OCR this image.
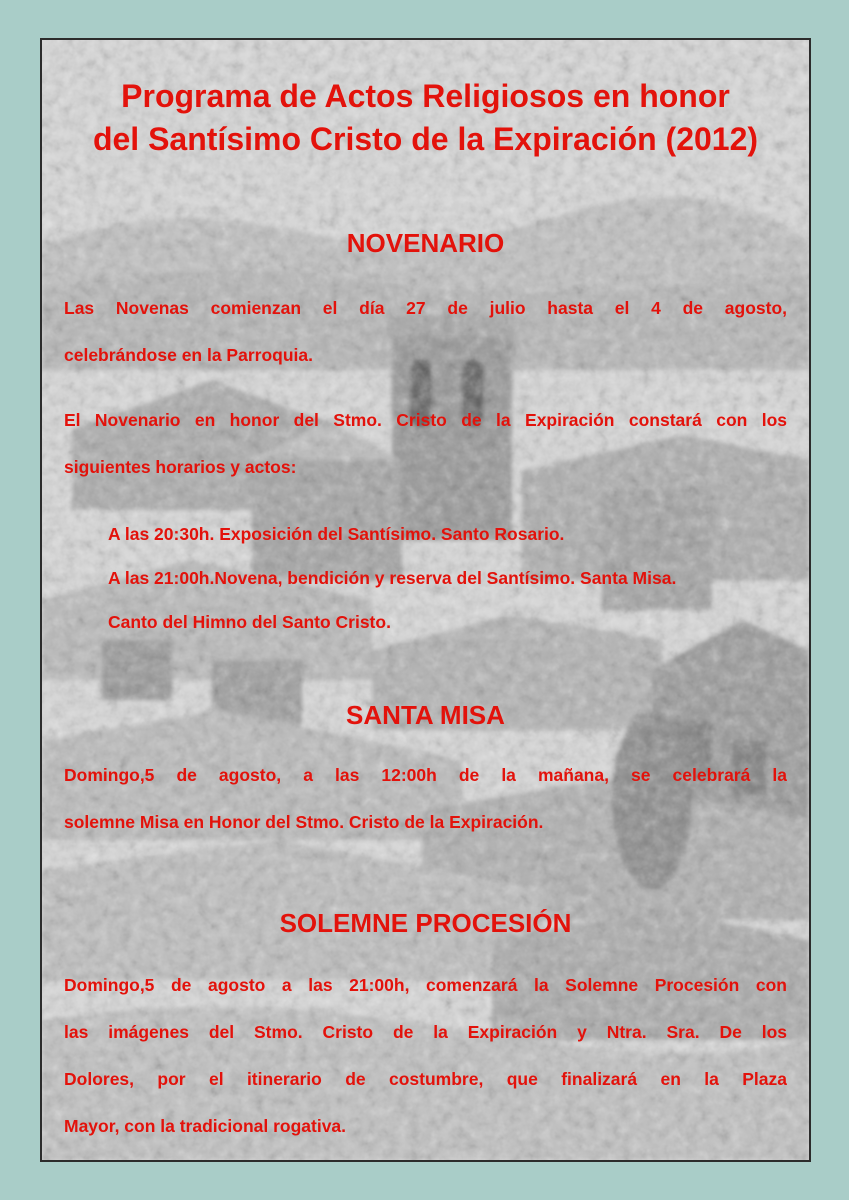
Programa de Actos Religiosos en honor
del Santísimo Cristo de la Expiración (2012)
NOVENARIO
Las Novenas comienzan el día 27 de julio hasta el 4 de agosto,
celebrándose en la Parroquia.
El Novenario en honor del Stmo. Cristo de la Expiración constará con los
siguientes horarios y actos:
A las 20:30h. Exposición del Santísimo. Santo Rosario.
A las 21:00h.Novena, bendición y reserva del Santísimo. Santa Misa.
Canto del Himno del Santo Cristo.
SANTA MISA
Domingo,5 de agosto, a las 12:00h de la mañana, se celebrará la
solemne Misa en Honor del Stmo. Cristo de la Expiración.
SOLEMNE PROCESIÓN
Domingo,5 de agosto a las 21:00h, comenzará la Solemne Procesión con
las imágenes del Stmo. Cristo de la Expiración y Ntra. Sra. De los
Dolores, por el itinerario de costumbre, que finalizará en la Plaza
Mayor, con la tradicional rogativa.
